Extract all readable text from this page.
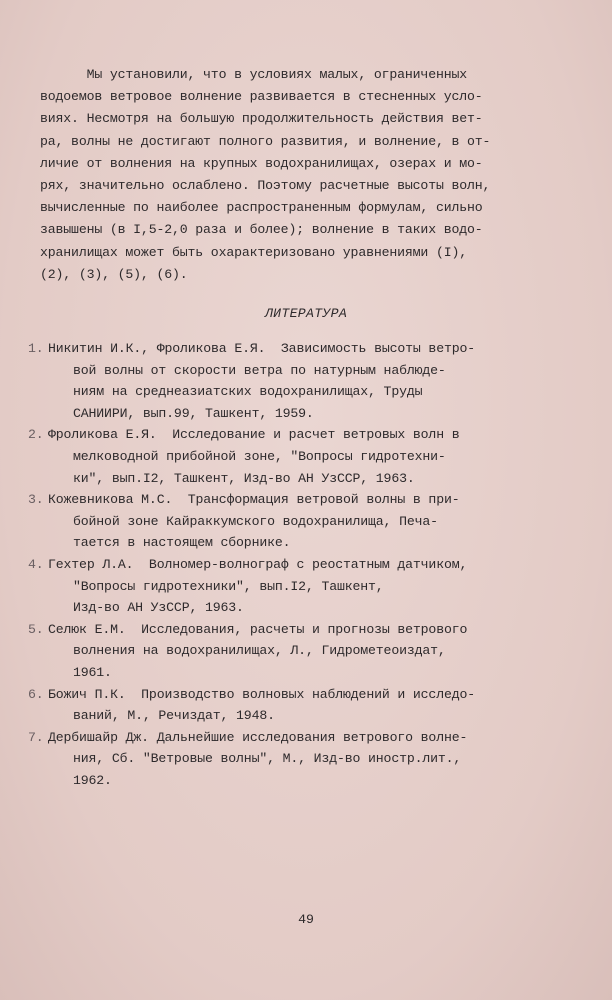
Мы установили, что в условиях малых, ограниченных
водоемов ветровое волнение развивается в стесненных усло-
виях. Несмотря на большую продолжительность действия вет-
ра, волны не достигают полного развития, и волнение, в от-
личие от волнения на крупных водохранилищах, озерах и мо-
рях, значительно ослаблено. Поэтому расчетные высоты волн,
вычисленные по наиболее распространенным формулам, сильно
завышены (в I,5-2,0 раза и более); волнение в таких водо-
хранилищах может быть охарактеризовано уравнениями (I),
(2), (3), (5), (6).
ЛИТЕРАТУРА
1. Никитин И.К., Фроликова Е.Я.  Зависимость высоты ветро-
вой волны от скорости ветра по натурным наблюде-
ниям на среднеазиатских водохранилищах, Труды
САНИИРИ, вып.99, Ташкент, 1959.
2. Фроликова Е.Я.  Исследование и расчет ветровых волн в
мелководной прибойной зоне, "Вопросы гидротехни-
ки", вып.I2, Ташкент, Изд-во АН УзССР, 1963.
3. Кожевникова М.С.  Трансформация ветровой волны в при-
бойной зоне Кайраккумского водохранилища, Печа-
тается в настоящем сборнике.
4. Гехтер Л.А.  Волномер-волнограф с реостатным датчиком,
"Вопросы гидротехники", вып.I2, Ташкент,
Изд-во АН УзССР, 1963.
5. Селюк Е.М.  Исследования, расчеты и прогнозы ветрового
волнения на водохранилищах, Л., Гидрометеоиздат,
1961.
6. Божич П.К.  Производство волновых наблюдений и исследо-
ваний, М., Речиздат, 1948.
7. Дербишайр Дж. Дальнейшие исследования ветрового волне-
ния, Сб. "Ветровые волны", М., Изд-во иностр.лит.,
1962.
49
